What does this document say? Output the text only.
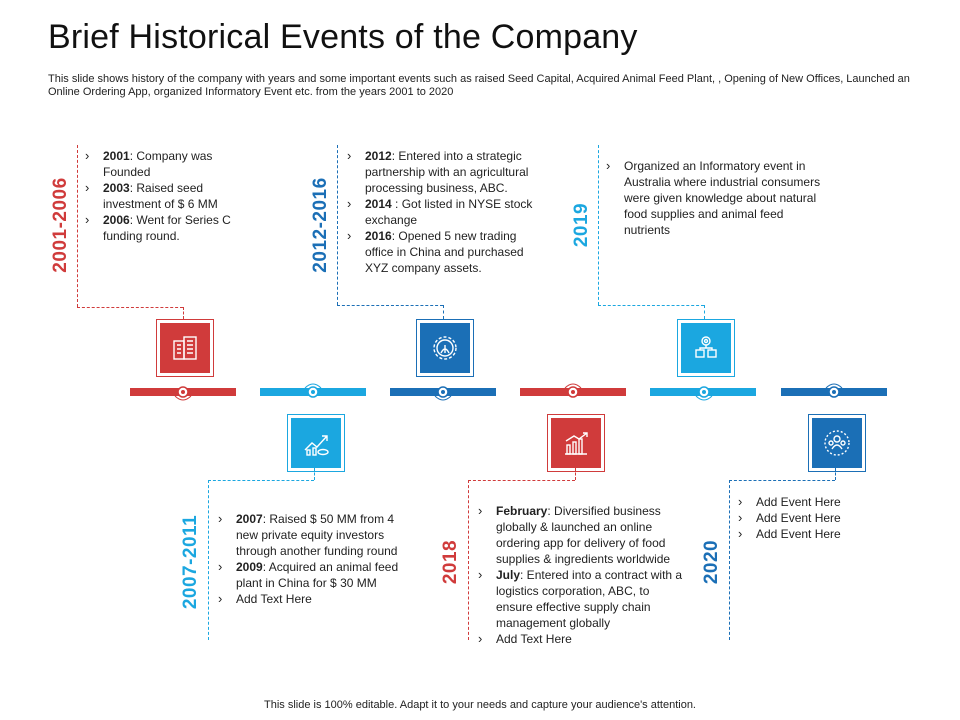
Brief Historical Events of the Company
This slide shows history of the company with years and some important events such as raised Seed Capital, Acquired Animal Feed Plant, , Opening of New Offices, Launched an Online Ordering App, organized Informatory Event etc. from the years 2001 to 2020
2001-2006	2012-2016	2019
2007-2011	2018	2020
› 2001: Company was Founded
› 2003: Raised seed investment of $ 6 MM
› 2006: Went for Series C funding round.
› 2012: Entered into a strategic partnership with an agricultural processing business, ABC.
› 2014 : Got listed in NYSE stock exchange
› 2016: Opened 5 new trading office in China and purchased XYZ company assets.
› Organized an Informatory event in Australia where industrial consumers were given knowledge about natural food supplies and animal feed nutrients
› 2007: Raised $ 50 MM from 4 new private equity investors through another funding round
› 2009: Acquired an animal feed plant in China for $ 30 MM
› Add Text Here
› February: Diversified business globally & launched an online ordering app for delivery of food supplies & ingredients worldwide
› July: Entered into a contract with a logistics corporation, ABC, to ensure effective supply chain management globally
› Add Text Here
› Add Event Here
› Add Event Here
› Add Event Here
This slide is 100% editable. Adapt it to your needs and capture your audience's attention.
